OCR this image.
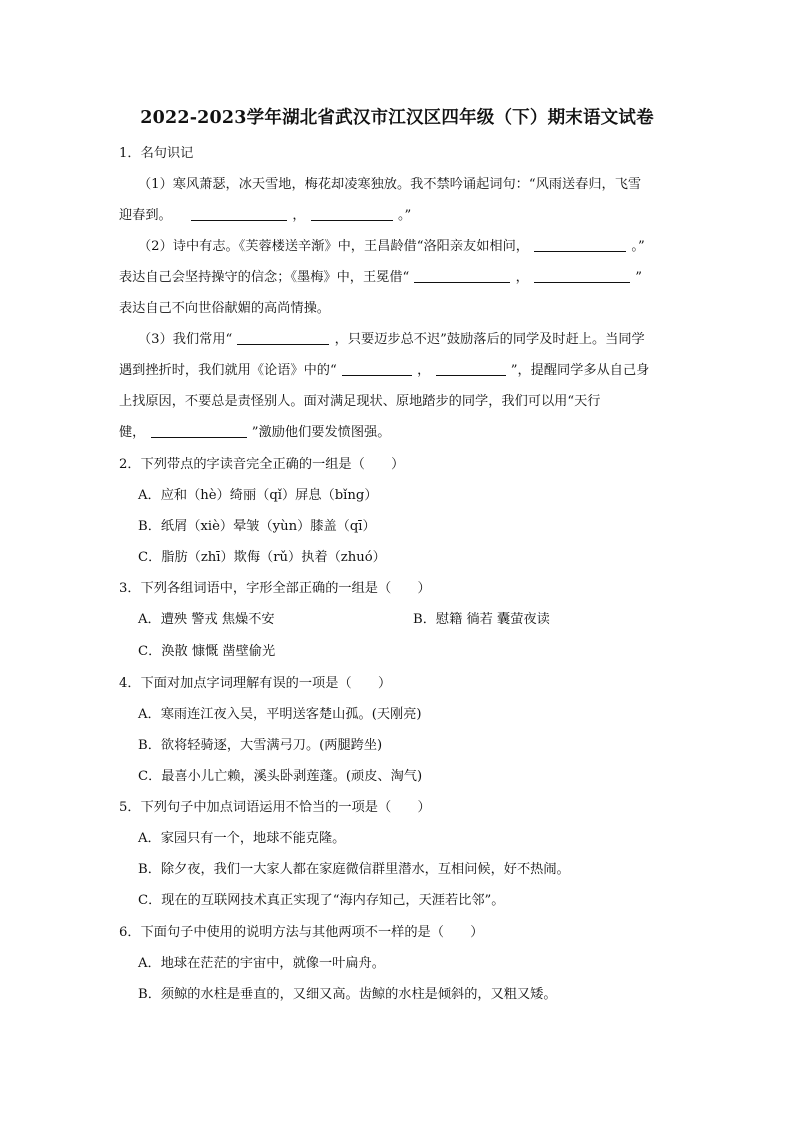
2022-2023学年湖北省武汉市江汉区四年级（下）期末语文试卷
1．名句识记
（1）寒风萧瑟，冰天雪地，梅花却凌寒独放。我不禁吟诵起词句：“风雨送春归，飞雪
迎春到。	，	。”
（2）诗中有志。《芙蓉楼送辛渐》中，王昌龄借“洛阳亲友如相问，	。”
表达自己会坚持操守的信念；《墨梅》中，王冕借“	，	”
表达自己不向世俗献媚的高尚情操。
（3）我们常用“	，只要迈步总不迟”鼓励落后的同学及时赶上。当同学
遇到挫折时，我们就用《论语》中的“	，	”，提醒同学多从自己身
上找原因，不要总是责怪别人。面对满足现状、原地踏步的同学，我们可以用“天行
健，	”激励他们要发愤图强。
2．下列带点的字读音完全正确的一组是（　　）
A．应和（hè）绮丽（qǐ）屏息（bǐng）
B．纸屑（xiè）晕皱（yùn）膝盖（qī）
C．脂肪（zhī）欺侮（rǔ）执着（zhuó）
3．下列各组词语中，字形全部正确的一组是（　　）
A．遭殃 警戎 焦燥不安	B．慰籍 徜若 囊萤夜读
C．涣散 慷慨 凿壁偷光
4．下面对加点字词理解有误的一项是（　　）
A．寒雨连江夜入吴，平明送客楚山孤。(天刚亮)
B．欲将轻骑逐，大雪满弓刀。(两腿跨坐)
C．最喜小儿亡赖，溪头卧剥莲蓬。(顽皮、淘气)
5．下列句子中加点词语运用不恰当的一项是（　　）
A．家园只有一个，地球不能克隆。
B．除夕夜，我们一大家人都在家庭微信群里潜水，互相问候，好不热闹。
C．现在的互联网技术真正实现了“海内存知己，天涯若比邻”。
6．下面句子中使用的说明方法与其他两项不一样的是（　　）
A．地球在茫茫的宇宙中，就像一叶扁舟。
B．须鲸的水柱是垂直的，又细又高。齿鲸的水柱是倾斜的，又粗又矮。
